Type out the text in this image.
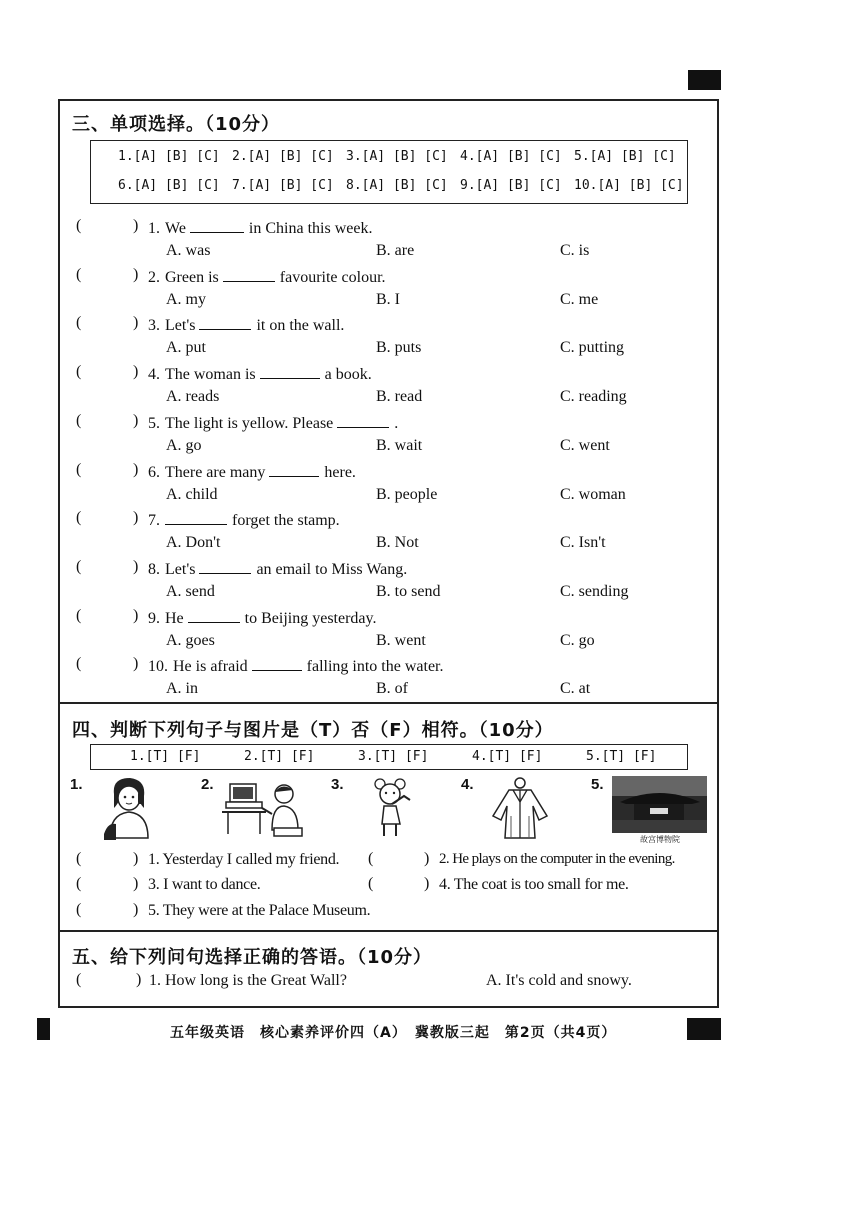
三、单项选择。（10分）
1.[A] [B] [C] 2.[A] [B] [C] 3.[A] [B] [C] 4.[A] [B] [C] 5.[A] [B] [C]
6.[A] [B] [C] 7.[A] [B] [C] 8.[A] [B] [C] 9.[A] [B] [C] 10.[A] [B] [C]
(	) 1. We	in China this week.
A. was	B. are	C. is
(	) 2. Green is	favourite colour.
A. my	B. I	C. me
(	) 3. Let's	it on the wall.
A. put	B. puts	C. putting
(	) 4. The woman is	a book.
A. reads	B. read	C. reading
(	) 5. The light is yellow. Please	.
A. go	B. wait	C. went
(	) 6. There are many	here.
A. child	B. people	C. woman
(	) 7.	forget the stamp.
A. Don't	B. Not	C. Isn't
(	) 8. Let's	an email to Miss Wang.
A. send	B. to send	C. sending
(	) 9. He	to Beijing yesterday.
A. goes	B. went	C. go
(	) 10. He is afraid	falling into the water.
A. in	B. of	C. at
四、判断下列句子与图片是（T）否（F）相符。（10分）
1.[T] [F]	2.[T] [F]	3.[T] [F]	4.[T] [F]	5.[T] [F]
1.	2.	3.	4.	5.
故宫博物院
(	) 1. Yesterday I called my friend. (	) 2. He plays on the computer in the evening.
(	) 3. I want to dance.	(	) 4. The coat is too small for me.
(	) 5. They were at the Palace Museum.
五、给下列问句选择正确的答语。（10分）
(	) 1. How long is the Great Wall?	A. It's cold and snowy.
五年级英语　核心素养评价四（A）　冀教版三起　第2页（共4页）
